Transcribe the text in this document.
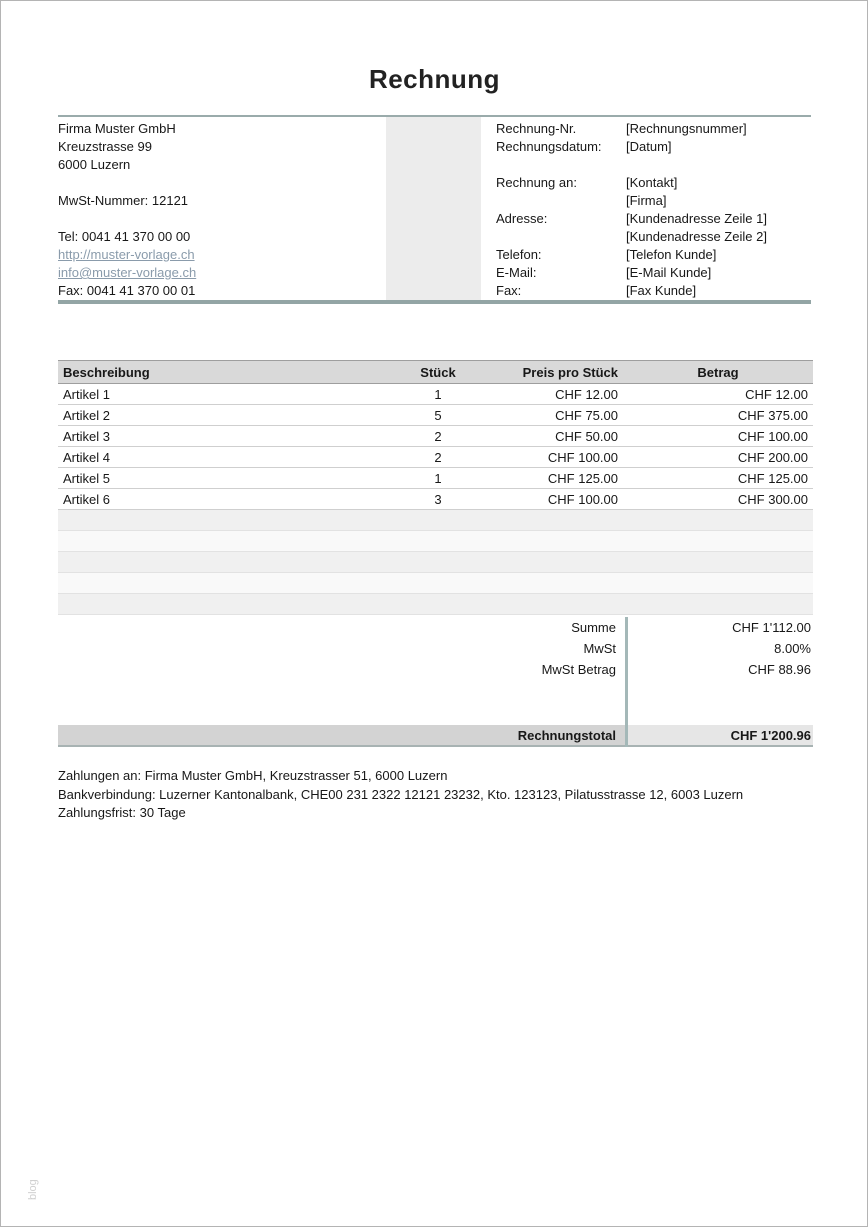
Rechnung
Firma Muster GmbH
Kreuzstrasse 99
6000 Luzern
MwSt-Nummer: 12121
Tel: 0041 41 370 00 00
http://muster-vorlage.ch
info@muster-vorlage.ch
Fax: 0041 41 370 00 01
Rechnung-Nr.	[Rechnungsnummer]
Rechnungsdatum:	[Datum]
Rechnung an:	[Kontakt]
[Firma]
Adresse:	[Kundenadresse Zeile 1]
[Kundenadresse Zeile 2]
Telefon:	[Telefon Kunde]
E-Mail:	[E-Mail Kunde]
Fax:	[Fax Kunde]
Beschreibung	Stück	Preis pro Stück	Betrag
Artikel 1	1	CHF 12.00	CHF 12.00
Artikel 2	5	CHF 75.00	CHF 375.00
Artikel 3	2	CHF 50.00	CHF 100.00
Artikel 4	2	CHF 100.00	CHF 200.00
Artikel 5	1	CHF 125.00	CHF 125.00
Artikel 6	3	CHF 100.00	CHF 300.00

Summe	CHF 1'112.00
MwSt	8.00%
MwSt Betrag	CHF 88.96
Rechnungstotal	CHF 1'200.96
Zahlungen an: Firma Muster GmbH, Kreuzstrasser 51, 6000 Luzern
Bankverbindung: Luzerner Kantonalbank, CHE00 231 2322 12121 23232, Kto. 123123, Pilatusstrasse 12, 6003 Luzern
Zahlungsfrist: 30 Tage
blog
